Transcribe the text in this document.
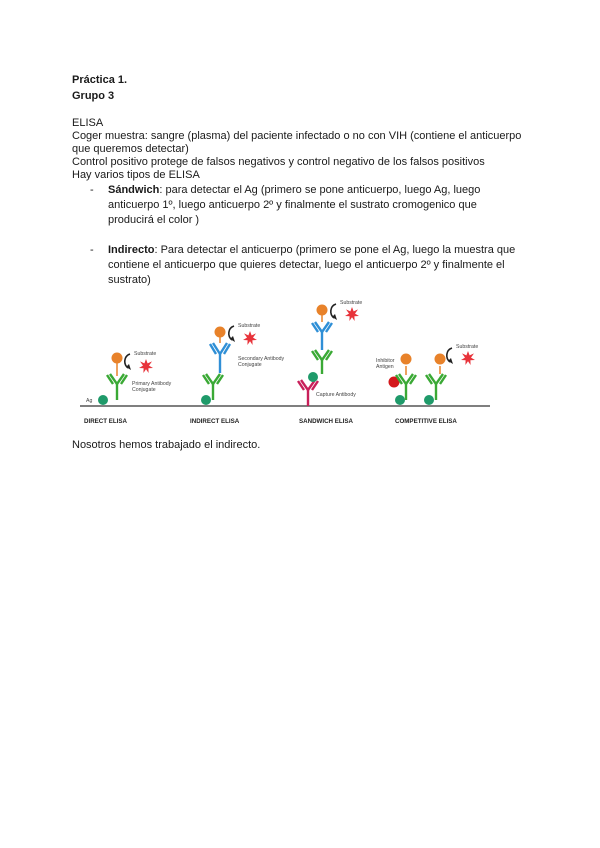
Práctica 1.
Grupo 3

ELISA

Coger muestra: sangre (plasma) del paciente infectado o no con VIH (contiene el anticuerpo

que queremos detectar)

Control positivo protege de falsos negativos y control negativo de los falsos positivos

Hay varios tipos de ELISA

- Sándwich: para detectar el Ag (primero se pone anticuerpo, luego Ag, luego
anticuerpo 1º, luego anticuerpo 2º y finalmente el sustrato cromogenico que
producirá el color )
- Indirecto: Para detectar el anticuerpo (primero se pone el Ag, luego la muestra que
contiene el anticuerpo que quieres detectar, luego el anticuerpo 2º y finalmente el
sustrato)
Ag
Substrate
Primary Antibody
Conjugate
DIRECT ELISA
Substrate
Secondary Antibody
Conjugate
INDIRECT ELISA
Substrate
Capture Antibody
SANDWICH ELISA
Inhibitor
Antigen
Substrate
COMPETITIVE ELISA
Nosotros hemos trabajado el indirecto.
